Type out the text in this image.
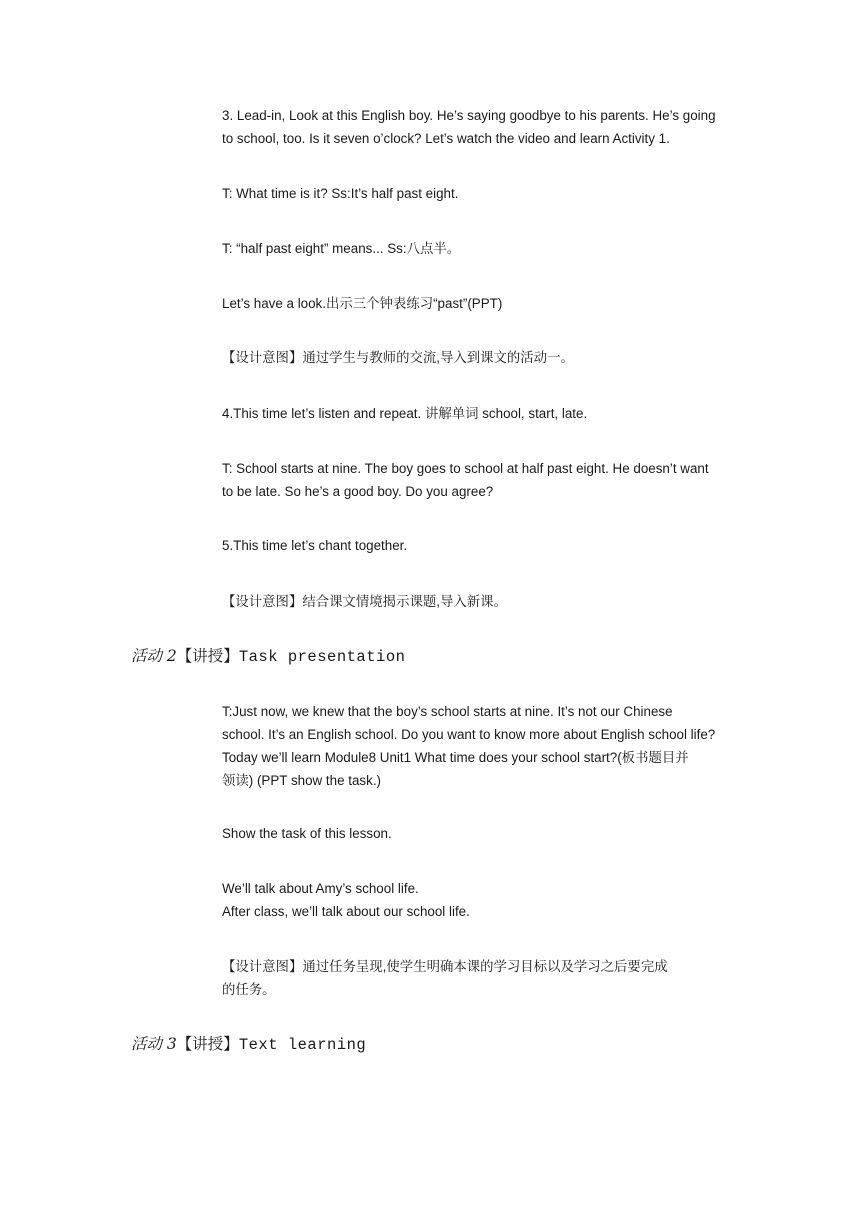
3. Lead-in, Look at this English boy. He’s saying goodbye to his parents. He’s going
to school, too. Is it seven o’clock? Let’s watch the video and learn Activity 1.
T: What time is it? Ss:It’s half past eight.
T: “half past eight” means... Ss:八点半。
Let’s have a look.出示三个钟表练习“past”(PPT)
【设计意图】通过学生与教师的交流,导入到课文的活动一。
4.This time let’s listen and repeat. 讲解单词 school, start, late.
T: School starts at nine. The boy goes to school at half past eight. He doesn’t want
to be late. So he’s a good boy. Do you agree?
5.This time let’s chant together.
【设计意图】结合课文情境揭示课题,导入新课。
活动 2【讲授】Task presentation
T:Just now, we knew that the boy’s school starts at nine. It’s not our Chinese
school. It’s an English school. Do you want to know more about English school life?
Today we’ll learn Module8 Unit1 What time does your school start?(板书题目并
领读) (PPT show the task.)
Show the task of this lesson.
We’ll talk about Amy’s school life.
After class, we’ll talk about our school life.
【设计意图】通过任务呈现,使学生明确本课的学习目标以及学习之后要完成
的任务。
活动 3【讲授】Text learning
